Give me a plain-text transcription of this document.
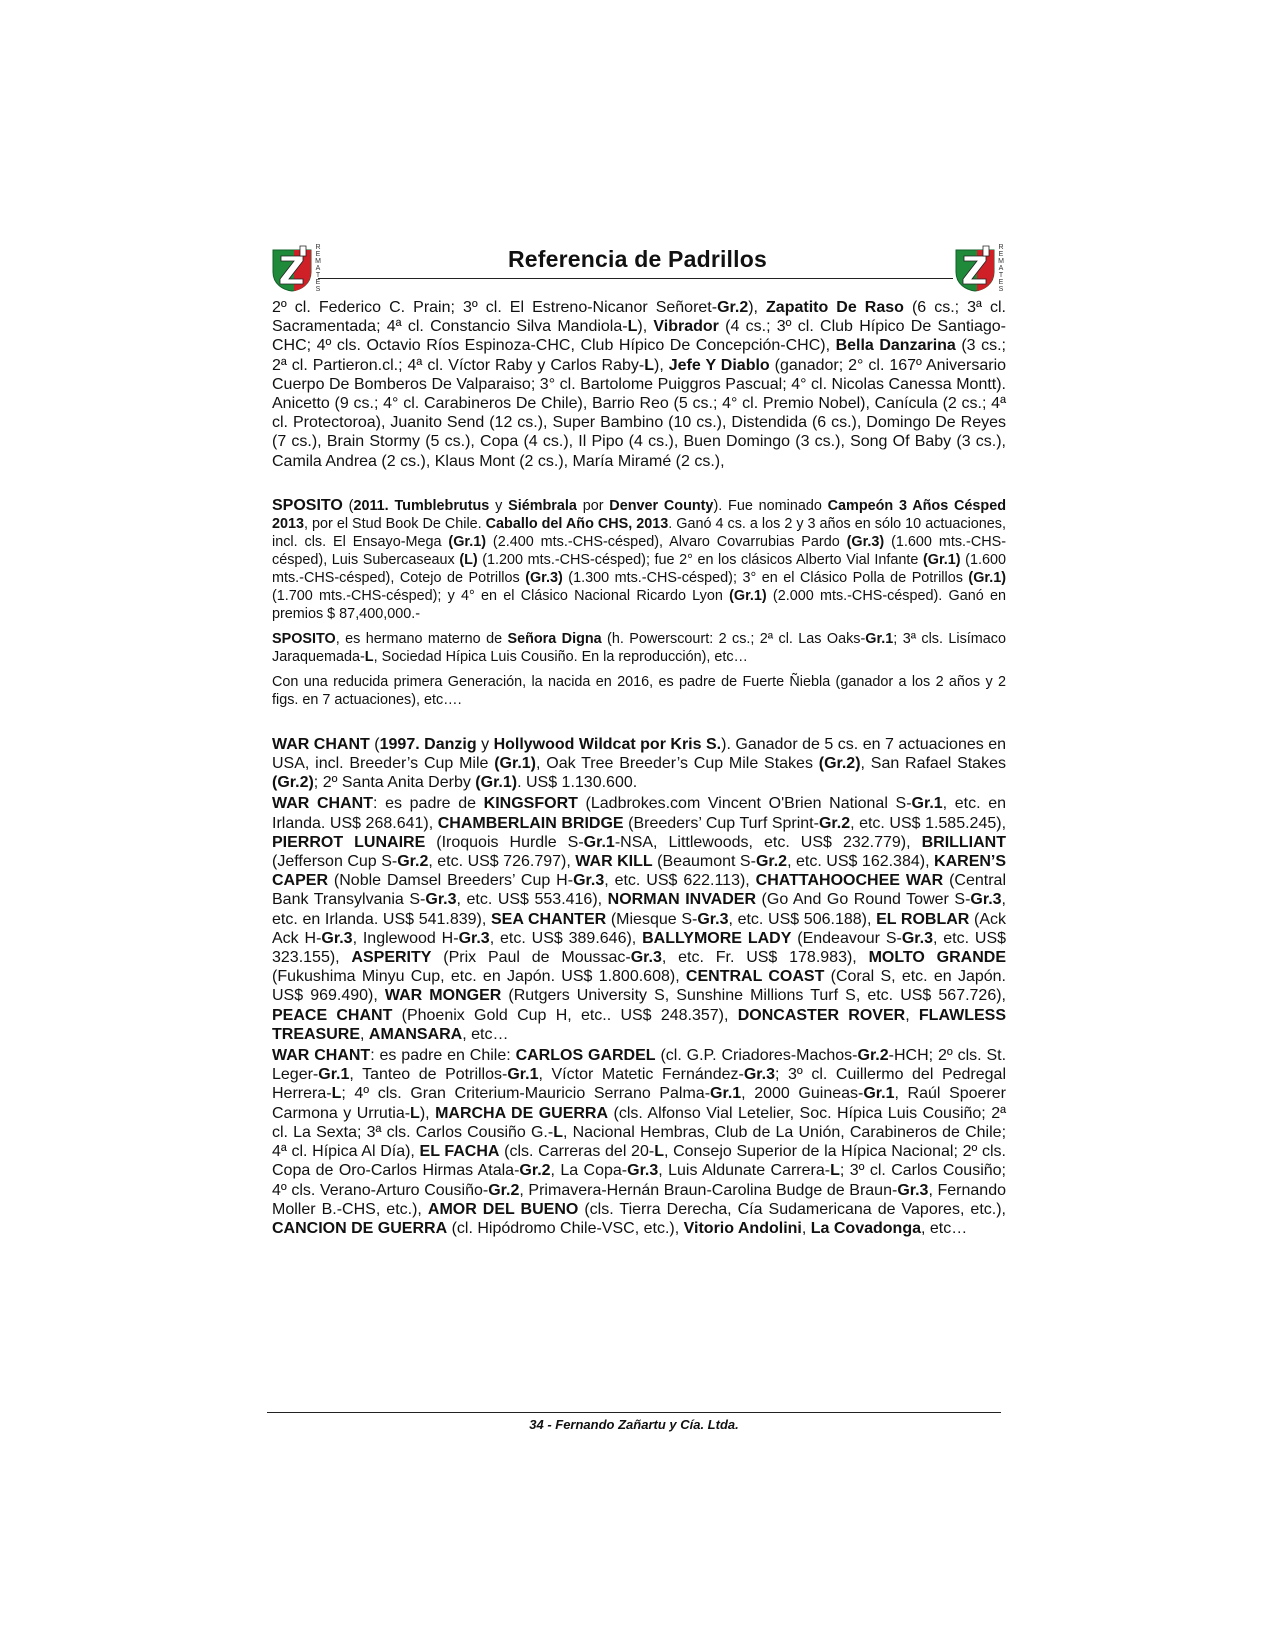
REMATES
Referencia de Padrillos	REMATES

2º cl. Federico C. Prain; 3º cl. El Estreno-Nicanor Señoret-Gr.2), Zapatito De Raso (6 cs.; 3ª cl. Sacramentada; 4ª cl. Constancio Silva Mandiola-L), Vibrador (4 cs.; 3º cl. Club Hípico De Santiago-CHC; 4º cls. Octavio Ríos Espinoza-CHC, Club Hípico De Concepción-CHC), Bella Danzarina (3 cs.; 2ª cl. Partieron.cl.; 4ª cl. Víctor Raby y Carlos Raby-L), Jefe Y Diablo (ganador; 2° cl. 167º Aniversario Cuerpo De Bomberos De Valparaiso; 3° cl. Bartolome Puiggros Pascual; 4° cl. Nicolas Canessa Montt). Anicetto (9 cs.; 4° cl. Carabineros De Chile), Barrio Reo (5 cs.; 4° cl. Premio Nobel), Canícula (2 cs.; 4ª cl. Protectoroa), Juanito Send (12 cs.), Super Bambino (10 cs.), Distendida (6 cs.), Domingo De Reyes (7 cs.), Brain Stormy (5 cs.), Copa (4 cs.), Il Pipo (4 cs.), Buen Domingo (3 cs.), Song Of Baby (3 cs.), Camila Andrea (2 cs.), Klaus Mont (2 cs.), María Miramé (2 cs.),

SPOSITO (2011. Tumblebrutus y Siémbrala por Denver County). Fue nominado Campeón 3 Años Césped 2013, por el Stud Book De Chile. Caballo del Año CHS, 2013. Ganó 4 cs. a los 2 y 3 años en sólo 10 actuaciones, incl. cls. El Ensayo-Mega (Gr.1) (2.400 mts.-CHS-césped), Alvaro Covarrubias Pardo (Gr.3) (1.600 mts.-CHS-césped), Luis Subercaseaux (L) (1.200 mts.-CHS-césped); fue 2° en los clásicos Alberto Vial Infante (Gr.1) (1.600 mts.-CHS-césped), Cotejo de Potrillos (Gr.3) (1.300 mts.-CHS-césped); 3° en el Clásico Polla de Potrillos (Gr.1) (1.700 mts.-CHS-césped); y 4° en el Clásico Nacional Ricardo Lyon (Gr.1) (2.000 mts.-CHS-césped). Ganó en premios $ 87,400,000.-

SPOSITO, es hermano materno de Señora Digna (h. Powerscourt: 2 cs.; 2ª cl. Las Oaks-Gr.1; 3ª cls. Lisímaco Jaraquemada-L, Sociedad Hípica Luis Cousiño. En la reproducción), etc…

Con una reducida primera Generación, la nacida en 2016, es padre de Fuerte Ñiebla (ganador a los 2 años y 2 figs. en 7 actuaciones), etc….

WAR CHANT (1997. Danzig y Hollywood Wildcat por Kris S.). Ganador de 5 cs. en 7 actuaciones en USA, incl. Breeder’s Cup Mile (Gr.1), Oak Tree Breeder’s Cup Mile Stakes (Gr.2), San Rafael Stakes (Gr.2); 2º Santa Anita Derby (Gr.1). US$ 1.130.600.

WAR CHANT: es padre de KINGSFORT (Ladbrokes.com Vincent O'Brien National S-Gr.1, etc. en Irlanda. US$ 268.641), CHAMBERLAIN BRIDGE (Breeders’ Cup Turf Sprint-Gr.2, etc. US$ 1.585.245), PIERROT LUNAIRE (Iroquois Hurdle S-Gr.1-NSA, Littlewoods, etc. US$ 232.779), BRILLIANT (Jefferson Cup S-Gr.2, etc. US$ 726.797), WAR KILL (Beaumont S-Gr.2, etc. US$ 162.384), KAREN’S CAPER (Noble Damsel Breeders’ Cup H-Gr.3, etc. US$ 622.113), CHATTAHOOCHEE WAR (Central Bank Transylvania S-Gr.3, etc. US$ 553.416), NORMAN INVADER (Go And Go Round Tower S-Gr.3, etc. en Irlanda. US$ 541.839), SEA CHANTER (Miesque S-Gr.3, etc. US$ 506.188), EL ROBLAR (Ack Ack H-Gr.3, Inglewood H-Gr.3, etc. US$ 389.646), BALLYMORE LADY (Endeavour S-Gr.3, etc. US$ 323.155), ASPERITY (Prix Paul de Moussac-Gr.3, etc. Fr. US$ 178.983), MOLTO GRANDE (Fukushima Minyu Cup, etc. en Japón. US$ 1.800.608), CENTRAL COAST (Coral S, etc. en Japón. US$ 969.490), WAR MONGER (Rutgers University S, Sunshine Millions Turf S, etc. US$ 567.726), PEACE CHANT (Phoenix Gold Cup H, etc.. US$ 248.357), DONCASTER ROVER, FLAWLESS TREASURE, AMANSARA, etc…

WAR CHANT: es padre en Chile: CARLOS GARDEL (cl. G.P. Criadores-Machos-Gr.2-HCH; 2º cls. St. Leger-Gr.1, Tanteo de Potrillos-Gr.1, Víctor Matetic Fernández-Gr.3; 3º cl. Cuillermo del Pedregal Herrera-L; 4º cls. Gran Criterium-Mauricio Serrano Palma-Gr.1, 2000 Guineas-Gr.1, Raúl Spoerer Carmona y Urrutia-L), MARCHA DE GUERRA (cls. Alfonso Vial Letelier, Soc. Hípica Luis Cousiño; 2ª cl. La Sexta; 3ª cls. Carlos Cousiño G.-L, Nacional Hembras, Club de La Unión, Carabineros de Chile; 4ª cl. Hípica Al Día), EL FACHA (cls. Carreras del 20-L, Consejo Superior de la Hípica Nacional; 2º cls. Copa de Oro-Carlos Hirmas Atala-Gr.2, La Copa-Gr.3, Luis Aldunate Carrera-L; 3º cl. Carlos Cousiño; 4º cls. Verano-Arturo Cousiño-Gr.2, Primavera-Hernán Braun-Carolina Budge de Braun-Gr.3, Fernando Moller B.-CHS, etc.), AMOR DEL BUENO (cls. Tierra Derecha, Cía Sudamericana de Vapores, etc.), CANCION DE GUERRA (cl. Hipódromo Chile-VSC, etc.), Vitorio Andolini, La Covadonga, etc…

34 - Fernando Zañartu y Cía. Ltda.
